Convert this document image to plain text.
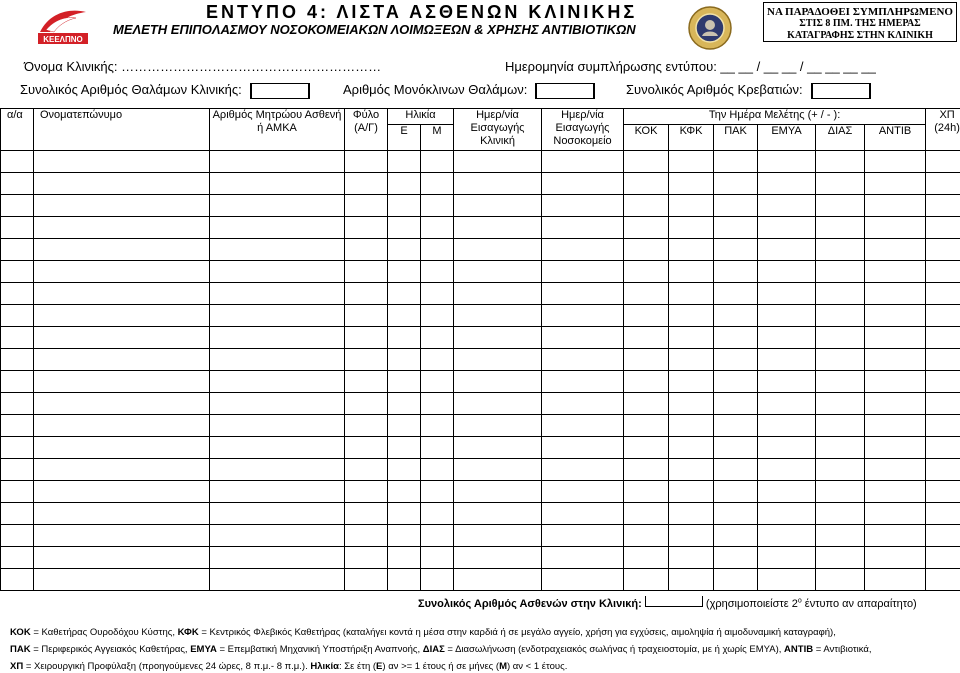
ΚΕΕΛΠΝΟ
ΕΝΤΥΠΟ 4: ΛΙΣΤΑ ΑΣΘΕΝΩΝ ΚΛΙΝΙΚΗΣ
ΜΕΛΕΤΗ ΕΠΙΠΟΛΑΣΜΟΥ ΝΟΣΟΚΟΜΕΙΑΚΩΝ ΛΟΙΜΩΞΕΩΝ & ΧΡΗΣΗΣ ΑΝΤΙΒΙΟΤΙΚΩΝ
ΝΑ ΠΑΡΑΔΟΘΕΙ ΣΥΜΠΛΗΡΩΜΕΝΟ
ΣΤΙΣ 8 ΠΜ. ΤΗΣ ΗΜΕΡΑΣ
ΚΑΤΑΓΡΑΦΗΣ ΣΤΗΝ ΚΛΙΝΙΚΗ
Όνομα Κλινικής: ……………………………………………………	Ημερομηνία συμπλήρωσης εντύπου: __ __ / __ __ / __ __ __ __
Συνολικός Αριθμός Θαλάμων Κλινικής:	Αριθμός Μονόκλινων Θαλάμων:	Συνολικός Αριθμός Κρεβατιών:
α/α	Ονοματεπώνυμο	Αριθμός Μητρώου Ασθενή ή ΑΜΚΑ	Φύλο (Α/Γ)	Ηλικία		Ημερ/νία Εισαγωγής Κλινική	Ημερ/νία Εισαγωγής Νοσοκομείο	Την Ημέρα Μελέτης (+ / - ):						ΧΠ (24h)
				Ε	Μ			ΚΟΚ	ΚΦΚ	ΠΑΚ	ΕΜΥΑ	ΔΙΑΣ	ΑΝΤΙΒ	

Συνολικός Αριθμός Ασθενών στην Κλινική:	(χρησιμοποιείστε $2^o$ έντυπο αν απαραίτητο)
ΚΟΚ = Καθετήρας Ουροδόχου Κύστης, ΚΦΚ = Κεντρικός Φλεβικός Καθετήρας (καταλήγει κοντά η μέσα στην καρδιά ή σε μεγάλο αγγείο, χρήση για εγχύσεις, αιμοληψία ή αιμοδυναμική καταγραφή),
ΠΑΚ = Περιφερικός Αγγειακός Καθετήρας, ΕΜΥΑ = Επεμβατική Μηχανική Υποστήριξη Αναπνοής, ΔΙΑΣ = Διασωλήνωση (ενδοτραχειακός σωλήνας ή τραχειοστομία, με ή χωρίς ΕΜΥΑ), ΑΝΤΙΒ = Αντιβιοτικά,
ΧΠ = Χειρουργική Προφύλαξη (προηγούμενες 24 ώρες, 8 π.μ.- 8 π.μ.). Ηλικία: Σε έτη (Ε) αν >= 1 έτους ή σε μήνες (Μ) αν < 1 έτους.
